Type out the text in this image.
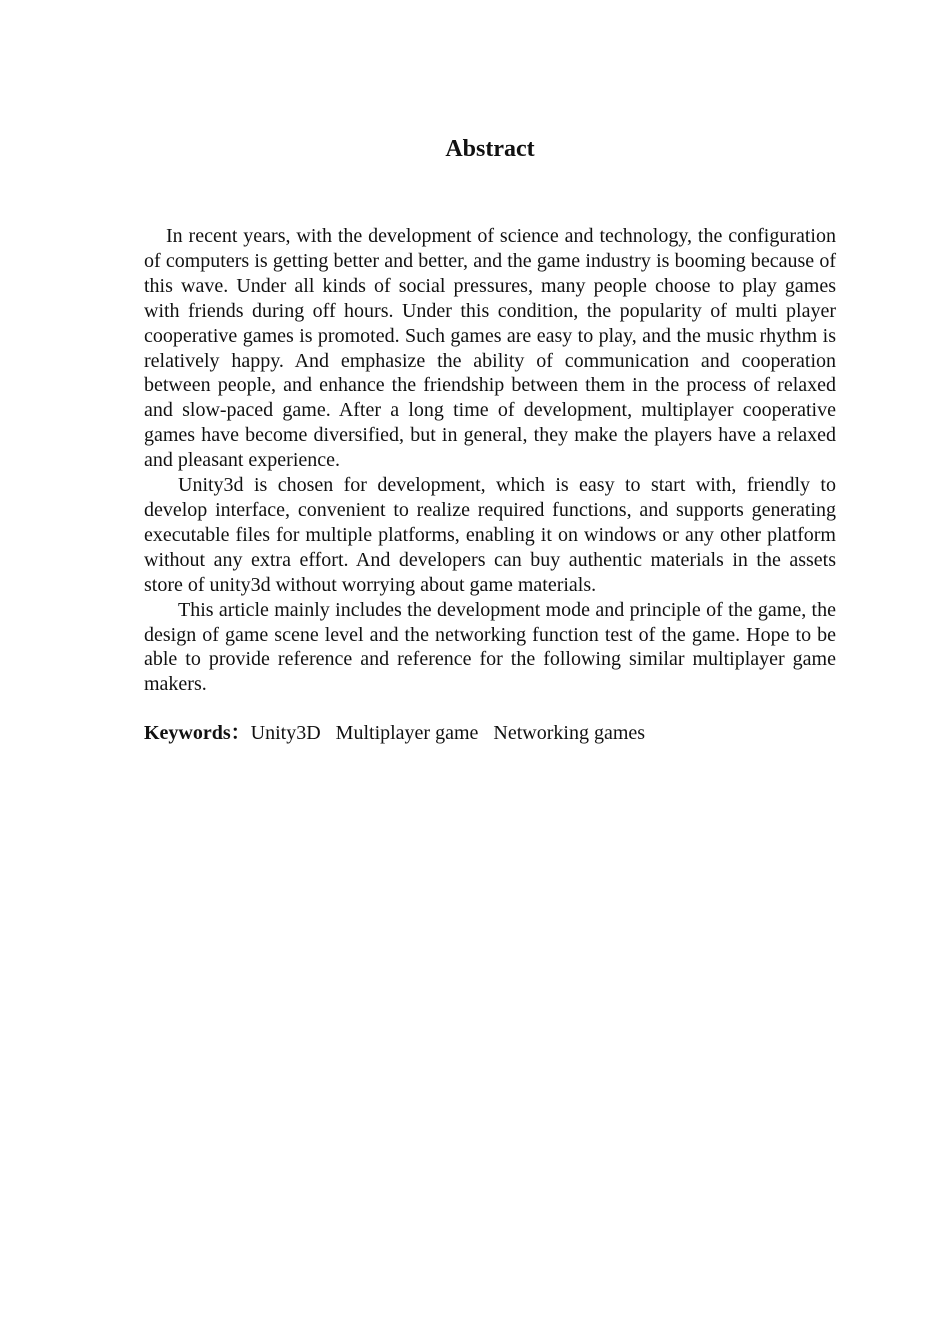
Abstract

In recent years, with the development of science and technology, the configuration of computers is getting better and better, and the game industry is booming because of this wave. Under all kinds of social pressures, many people choose to play games with friends during off hours. Under this condition, the popularity of multi player cooperative games is promoted. Such games are easy to play, and the music rhythm is relatively happy. And emphasize the ability of communication and cooperation between people, and enhance the friendship between them in the process of relaxed and slow-paced game. After a long time of development, multiplayer cooperative games have become diversified, but in general, they make the players have a relaxed and pleasant experience.

Unity3d is chosen for development, which is easy to start with, friendly to develop interface, convenient to realize required functions, and supports generating executable files for multiple platforms, enabling it on windows or any other platform without any extra effort. And developers can buy authentic materials in the assets store of unity3d without worrying about game materials.

This article mainly includes the development mode and principle of the game, the design of game scene level and the networking function test of the game. Hope to be able to provide reference and reference for the following similar multiplayer game makers.

Keywords：Unity3D Multiplayer game Networking games
